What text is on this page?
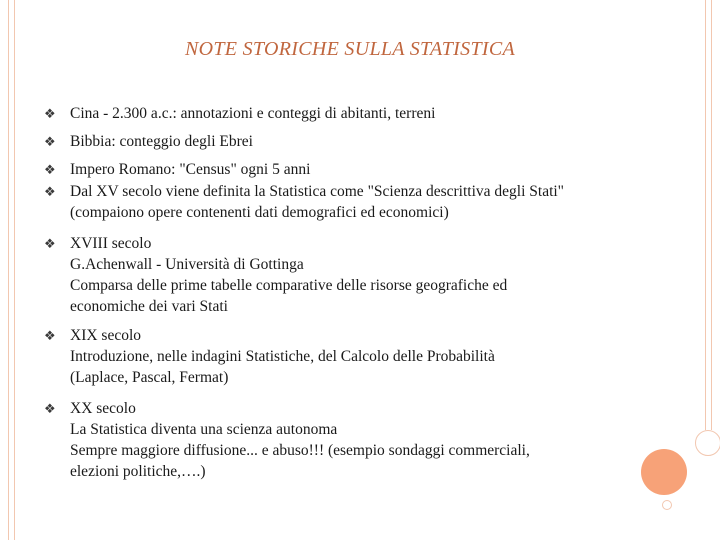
NOTE STORICHE SULLA STATISTICA
❖ Cina - 2.300 a.c.: annotazioni e conteggi di abitanti, terreni
❖ Bibbia: conteggio degli Ebrei
❖ Impero Romano: "Census" ogni 5 anni
❖ Dal XV secolo viene definita la Statistica come "Scienza descrittiva degli Stati"
(compaiono opere contenenti dati demografici ed economici)
❖ XVIII secolo
G.Achenwall - Università di Gottinga
Comparsa delle prime tabelle comparative delle risorse geografiche ed
economiche dei vari Stati
❖ XIX secolo
Introduzione, nelle indagini Statistiche, del Calcolo delle Probabilità
(Laplace, Pascal, Fermat)
❖ XX secolo
La Statistica diventa una scienza autonoma
Sempre maggiore diffusione... e abuso!!! (esempio sondaggi commerciali,
elezioni politiche,….)
